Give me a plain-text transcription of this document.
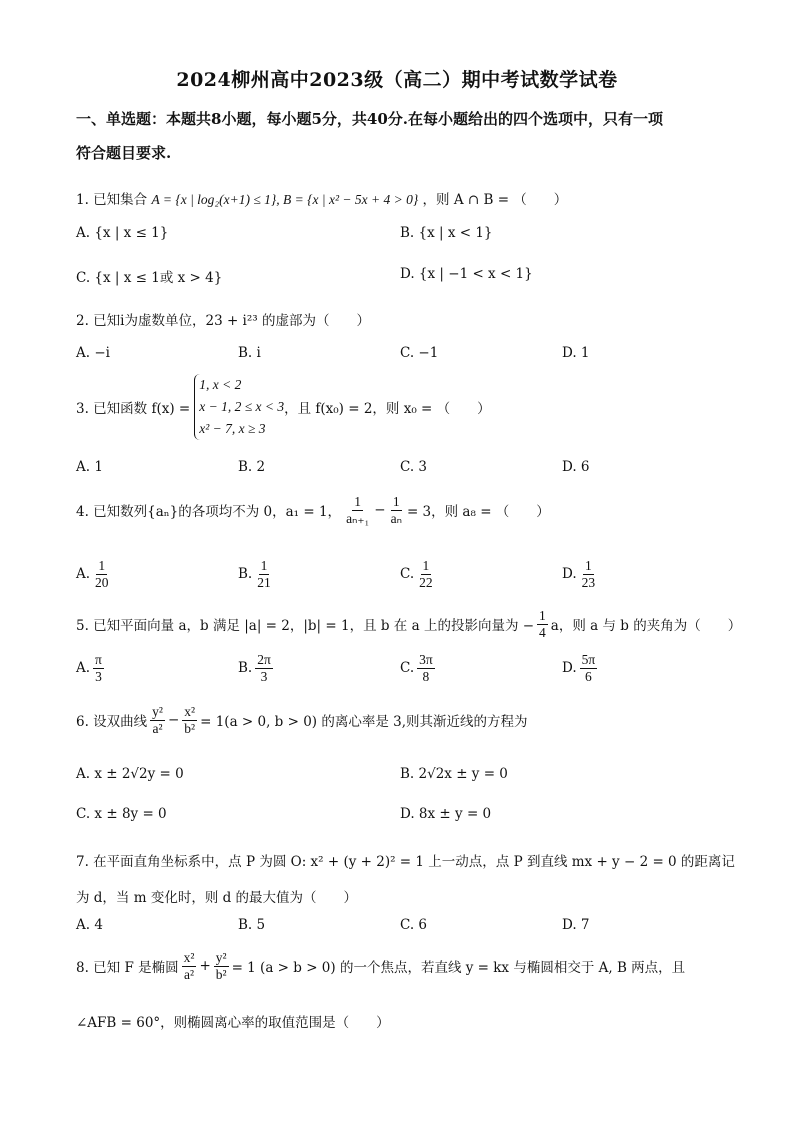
2024柳州高中2023级（高二）期中考试数学试卷
一、单选题：本题共8小题，每小题5分，共40分.在每小题给出的四个选项中，只有一项
符合题目要求.
1. 已知集合 A = {x | log₂(x+1) ≤ 1}, B = {x | x² − 5x + 4 > 0} ，则 A ∩ B = （　　）
A. {x | x ≤ 1}	B. {x | x < 1}
C. {x | x ≤ 1或 x > 4}	D. {x | −1 < x < 1}
2. 已知i为虚数单位，23 + i²³ 的虚部为（　　）
A. −i	B. i	C. −1	D. 1
3. 已知函数 f(x) =
1, x < 2
x − 1, 2 ≤ x < 3
x² − 7, x ≥ 3
，且 f(x₀) = 2，则 x₀ = （　　）
A. 1	B. 2	C. 3	D. 6
4. 已知数列{aₙ}的各项均不为 0，a₁ = 1， $\frac{1}{\text{aₙ₊₁}} - \frac{1}{\text{aₙ}} = 3$，则 a₈ = （　　）
A. $\frac{1}{20}$	B. $\frac{1}{21}$	C. $\frac{1}{22}$	D. $\frac{1}{23}$
5. 已知平面向量 a，b 满足 |a| = 2，|b| = 1，且 b 在 a 上的投影向量为 − $\frac{1}{4}$ a，则 a 与 b 的夹角为（　　）
A. $\frac{\pi}{3}$	B. $\frac{2\pi}{3}$	C. $\frac{3\pi}{8}$	D. $\frac{5\pi}{6}$
6. 设双曲线 $\frac{\text{y²}}{\text{a²}} - \frac{\text{x²}}{\text{b²}} = 1(a > 0$, b > 0) 的离心率是 3,则其渐近线的方程为
A. x ± 2√2y = 0	B. 2√2x ± y = 0
C. x ± 8y = 0	D. 8x ± y = 0
7. 在平面直角坐标系中，点 P 为圆 O: x² + (y + 2)² = 1 上一动点，点 P 到直线 mx + y − 2 = 0 的距离记
为 d，当 m 变化时，则 d 的最大值为（　　）
A. 4	B. 5	C. 6	D. 7
8. 已知 F 是椭圆 $\frac{\text{x²}}{\text{a²}} + \frac{\text{y²}}{\text{b²}} = 1$ (a > b > 0) 的一个焦点，若直线 y = kx 与椭圆相交于 A, B 两点，且
∠AFB = 60°，则椭圆离心率的取值范围是（　　）
